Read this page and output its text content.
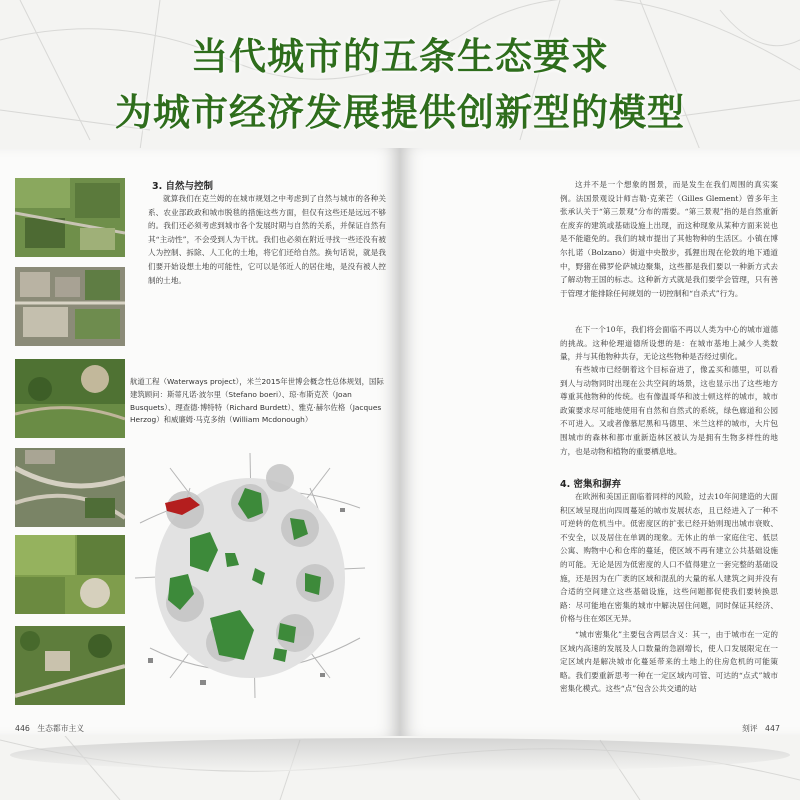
当代城市的五条生态要求
为城市经济发展提供创新型的模型
3. 自然与控制

就算我们在克兰姆的在城市规划之中考虑到了自然与城市的各种关系、农业部政政和城市脱毯的措施这些方面，但仅有这些还是远远不够的。我们还必须考虑到城市各个发展时期与自然的关系，并保证自然有其“主动性”，不会受到人为干扰。我们也必须在附近寻找一些还没有被人为控制、拆除、人工化的土地，将它们还给自然。换句话说，就是我们要开始设想土地的可能性，它可以是邻近人的居住地，是没有被人控制的土地。

航道工程（Waterways project），米兰2015年世博会概念性总体规划，国际建筑顾问：斯蒂凡诺·波尔里（Stefano boeri）、琼·布斯克茨（Joan Busquets）、理查德·博特特（Richard Burdett）、雅克·赫尔佐格（Jacques Herzog）和威廉姆·马克多纳（William Mcdonough）
446 生态都市主义

这并不是一个想象的图景，而是发生在我们周围的真实案例。法国景观设计师吉勒·克莱芒（Gilles Glement）曾多年主张承认关于“第三景观”分布的需要。“第三景观”指的是自然重新在废弃的建筑或基础设施上出现，而这种现象从某种方面来说也是不能避免的。我们的城市提出了其他物种的生活区。小镇在博尔扎诺（Bolzano）街道中央散步，孤狸出现在伦敦的地下通道中，野猪在佛罗伦萨城边聚集，这些都是我们要以一种新方式去了解动物王国的标志。这种新方式就是我们要学会管理，只有善于管理才能排除任何规划的一切控制和“自杀式”行为。

在下一个10年，我们将会面临不再以人类为中心的城市道德的挑战。这种伦理道德所设想的是：在城市基地上减少人类数量，并与其他物种共存，无论这些物种是否经过驯化。

有些城市已经朝着这个目标奋进了，像孟买和德里，可以看到人与动物同时出现在公共空间的场景，这也显示出了这些地方尊重其他物种的传统。也有像温哥华和波士顿这样的城市，城市政策要求尽可能地使用有自然和自然式的系统，绿色廊道和公园不可进入。又或者像慕尼黑和马德里、米兰这样的城市，大片包围城市的森林和都市重新造林区被认为是拥有生物多样性的地方，也是动物和植物的重要栖息地。

4. 密集和摒弃

在欧洲和美国正面临着同样的风险，过去10年间建造的大面积区域呈现出向四周蔓延的城市发展状态，且已经进入了一种不可逆转的危机当中。低密度区的扩张已经开始则现出城市衰败、不安全，以及居住在单调的现象。无休止的单一家庭住宅、低层公寓、购物中心和仓库的蔓延，使区域不再有建立公共基础设施的可能。无论是因为低密度的人口不值得建立一套完整的基础设施，还是因为在广袤的区域和混乱的大量的私人建筑之间并没有合适的空间建立这些基础设施，这些问题都促使我们要转换思路：尽可能地在密集的城市中解决居住问题，同时保证其经济、价格与住在郊区无异。

“城市密集化”主要包含两层含义：其一，由于城市在一定的区域内高速的发展及人口数量的急剧增长，使人口发展限定在一定区域内是解决城市化蔓延带来的土地上的住房危机的可能策略。我们要重新思考一种在一定区域内可管、可达的“点式”城市密集化模式。这些“点”包含公共交通的站

刻评 447
